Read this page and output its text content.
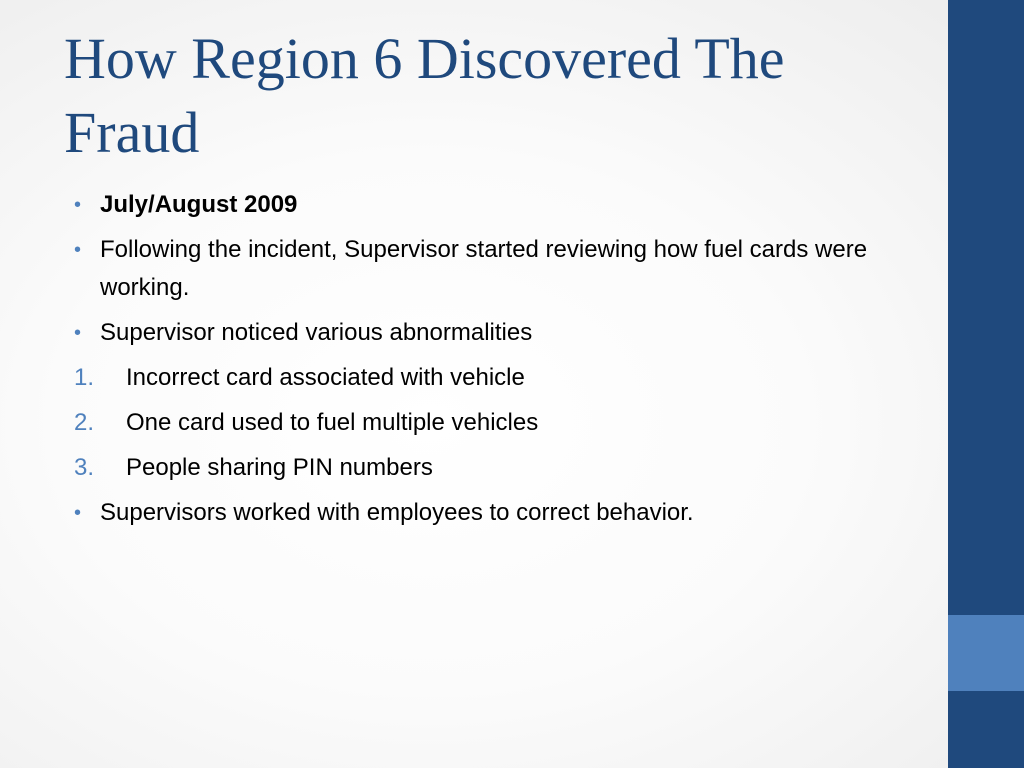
How Region 6 Discovered The Fraud
• July/August 2009
• Following the incident, Supervisor started reviewing how fuel cards were working.
• Supervisor noticed various abnormalities
1. Incorrect card associated with vehicle
2. One card used to fuel multiple vehicles
3. People sharing PIN numbers
• Supervisors worked with employees to correct behavior.
